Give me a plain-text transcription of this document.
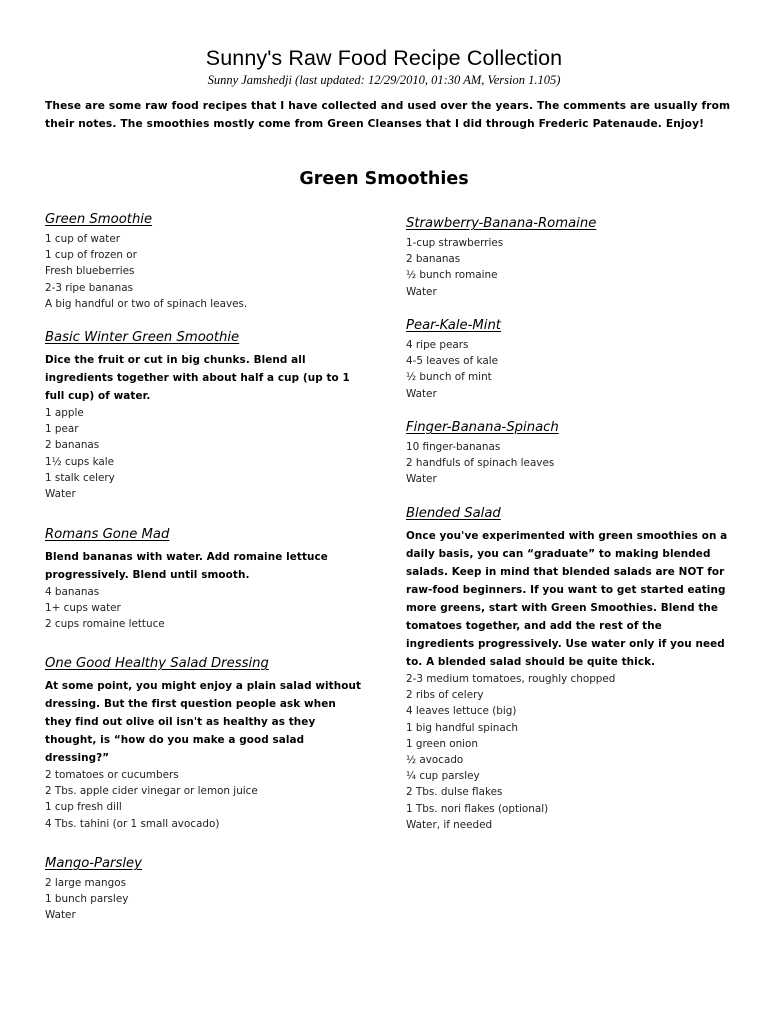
Sunny's Raw Food Recipe Collection
Sunny Jamshedji (last updated: 12/29/2010, 01:30 AM, Version 1.105)
These are some raw food recipes that I have collected and used over the years. The comments are usually from their notes. The smoothies mostly come from Green Cleanses that I did through Frederic Patenaude. Enjoy!
Green Smoothies
Green Smoothie
1 cup of water
1 cup of frozen or
Fresh blueberries
2-3 ripe bananas
A big handful or two of spinach leaves.
Basic Winter Green Smoothie
Dice the fruit or cut in big chunks. Blend all ingredients together with about half a cup (up to 1 full cup) of water.
1 apple
1 pear
2 bananas
1½ cups kale
1 stalk celery
Water
Romans Gone Mad
Blend bananas with water. Add romaine lettuce progressively. Blend until smooth.
4 bananas
1+ cups water
2 cups romaine lettuce
One Good Healthy Salad Dressing
At some point, you might enjoy a plain salad without dressing. But the first question people ask when they find out olive oil isn't as healthy as they thought, is “how do you make a good salad dressing?”
2 tomatoes or cucumbers
2 Tbs. apple cider vinegar or lemon juice
1 cup fresh dill
4 Tbs. tahini (or 1 small avocado)
Mango-Parsley
2 large mangos
1 bunch parsley
Water
Strawberry-Banana-Romaine
1-cup strawberries
2 bananas
½ bunch romaine
Water
Pear-Kale-Mint
4 ripe pears
4-5 leaves of kale
½ bunch of mint
Water
Finger-Banana-Spinach
10 finger-bananas
2 handfuls of spinach leaves
Water
Blended Salad
Once you've experimented with green smoothies on a daily basis, you can “graduate” to making blended salads. Keep in mind that blended salads are NOT for raw-food beginners. If you want to get started eating more greens, start with Green Smoothies. Blend the tomatoes together, and add the rest of the ingredients progressively. Use water only if you need to. A blended salad should be quite thick.
2-3 medium tomatoes, roughly chopped
2 ribs of celery
4 leaves lettuce (big)
1 big handful spinach
1 green onion
½ avocado
¼ cup parsley
2 Tbs. dulse flakes
1 Tbs. nori flakes (optional)
Water, if needed
